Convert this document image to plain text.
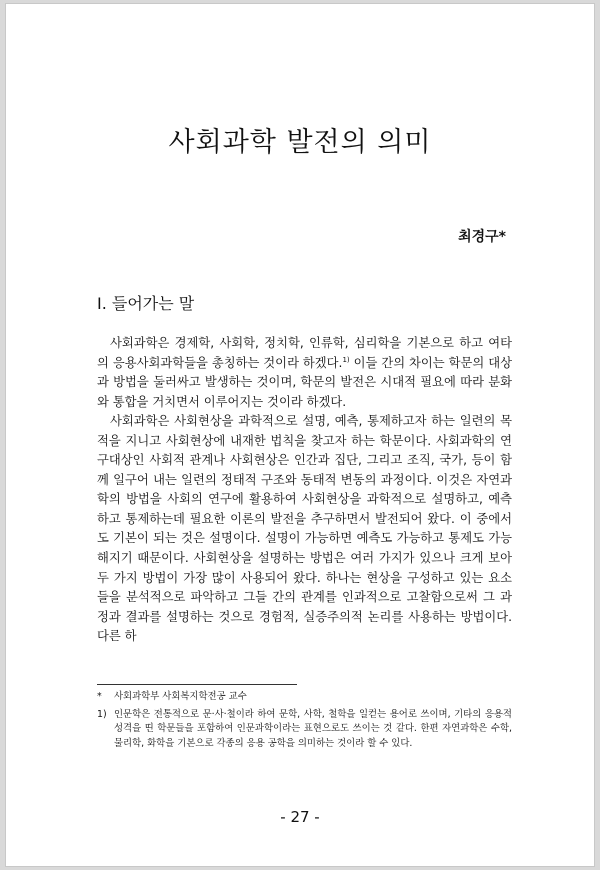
사회과학 발전의 의미
최경구*
Ⅰ. 들어가는 말

사회과학은 경제학, 사회학, 정치학, 인류학, 심리학을 기본으로 하고 여타의 응용사회과학들을 총칭하는 것이라 하겠다.$^{1)}$ 이들 간의 차이는 학문의 대상과 방법을 둘러싸고 발생하는 것이며, 학문의 발전은 시대적 필요에 따라 분화와 통합을 거치면서 이루어지는 것이라 하겠다.

사회과학은 사회현상을 과학적으로 설명, 예측, 통제하고자 하는 일련의 목적을 지니고 사회현상에 내재한 법칙을 찾고자 하는 학문이다. 사회과학의 연구대상인 사회적 관계나 사회현상은 인간과 집단, 그리고 조직, 국가, 등이 함께 일구어 내는 일련의 정태적 구조와 동태적 변동의 과정이다. 이것은 자연과학의 방법을 사회의 연구에 활용하여 사회현상을 과학적으로 설명하고, 예측하고 통제하는데 필요한 이론의 발전을 추구하면서 발전되어 왔다. 이 중에서도 기본이 되는 것은 설명이다. 설명이 가능하면 예측도 가능하고 통제도 가능해지기 때문이다. 사회현상을 설명하는 방법은 여러 가지가 있으나 크게 보아 두 가지 방법이 가장 많이 사용되어 왔다. 하나는 현상을 구성하고 있는 요소들을 분석적으로 파악하고 그들 간의 관계를 인과적으로 고찰함으로써 그 과정과 결과를 설명하는 것으로 경험적, 실증주의적 논리를 사용하는 방법이다. 다른 하

*	사회과학부 사회복지학전공 교수
1) 인문학은 전통적으로 문·사·철이라 하여 문학, 사학, 철학을 일컫는 용어로 쓰이며, 기타의 응용적 성격을 띤 학문들을 포함하여 인문과학이라는 표현으로도 쓰이는 것 같다. 한편 자연과학은 수학, 물리학, 화학을 기본으로 각종의 응용 공학을 의미하는 것이라 할 수 있다.
- 27 -
